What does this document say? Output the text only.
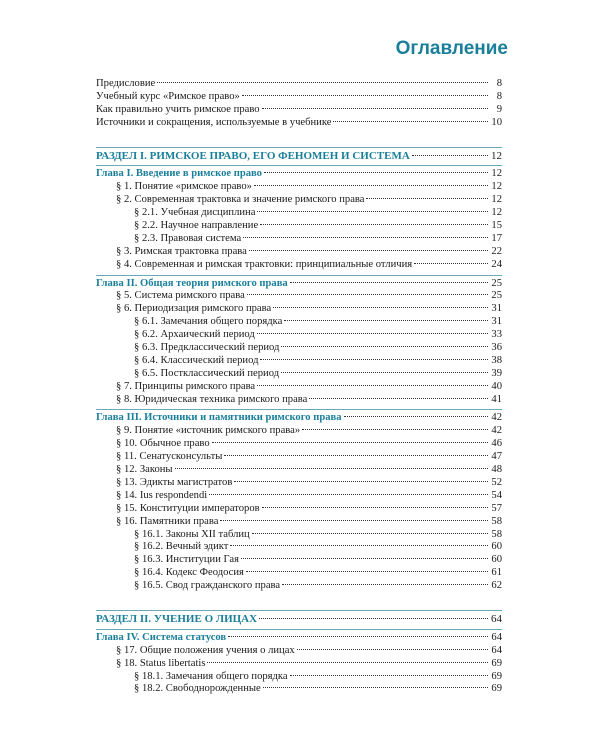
Оглавление
Предисловие	8
Учебный курс «Римское право»	8
Как правильно учить римское право	9
Источники и сокращения, используемые в учебнике	10
РАЗДЕЛ I. РИМСКОЕ ПРАВО, ЕГО ФЕНОМЕН И СИСТЕМА	12
Глава I. Введение в римское право	12
§ 1. Понятие «римское право»	12
§ 2. Современная трактовка и значение римского права	12
§ 2.1. Учебная дисциплина	12
§ 2.2. Научное направление	15
§ 2.3. Правовая система	17
§ 3. Римская трактовка права	22
§ 4. Современная и римская трактовки: принципиальные отличия	24
Глава II. Общая теория римского права	25
§ 5. Система римского права	25
§ 6. Периодизация римского права	31
§ 6.1. Замечания общего порядка	31
§ 6.2. Архаический период	33
§ 6.3. Предклассический период	36
§ 6.4. Классический период	38
§ 6.5. Постклассический период	39
§ 7. Принципы римского права	40
§ 8. Юридическая техника римского права	41
Глава III. Источники и памятники римского права	42
§ 9. Понятие «источник римского права»	42
§ 10. Обычное право	46
§ 11. Сенатусконсульты	47
§ 12. Законы	48
§ 13. Эдикты магистратов	52
§ 14. Ius respondendi	54
§ 15. Конституции императоров	57
§ 16. Памятники права	58
§ 16.1. Законы XII таблиц	58
§ 16.2. Вечный эдикт	60
§ 16.3. Институции Гая	60
§ 16.4. Кодекс Феодосия	61
§ 16.5. Свод гражданского права	62
РАЗДЕЛ II. УЧЕНИЕ О ЛИЦАХ	64
Глава IV. Система статусов	64
§ 17. Общие положения учения о лицах	64
§ 18. Status libertatis	69
§ 18.1. Замечания общего порядка	69
§ 18.2. Свободнорожденные	69
